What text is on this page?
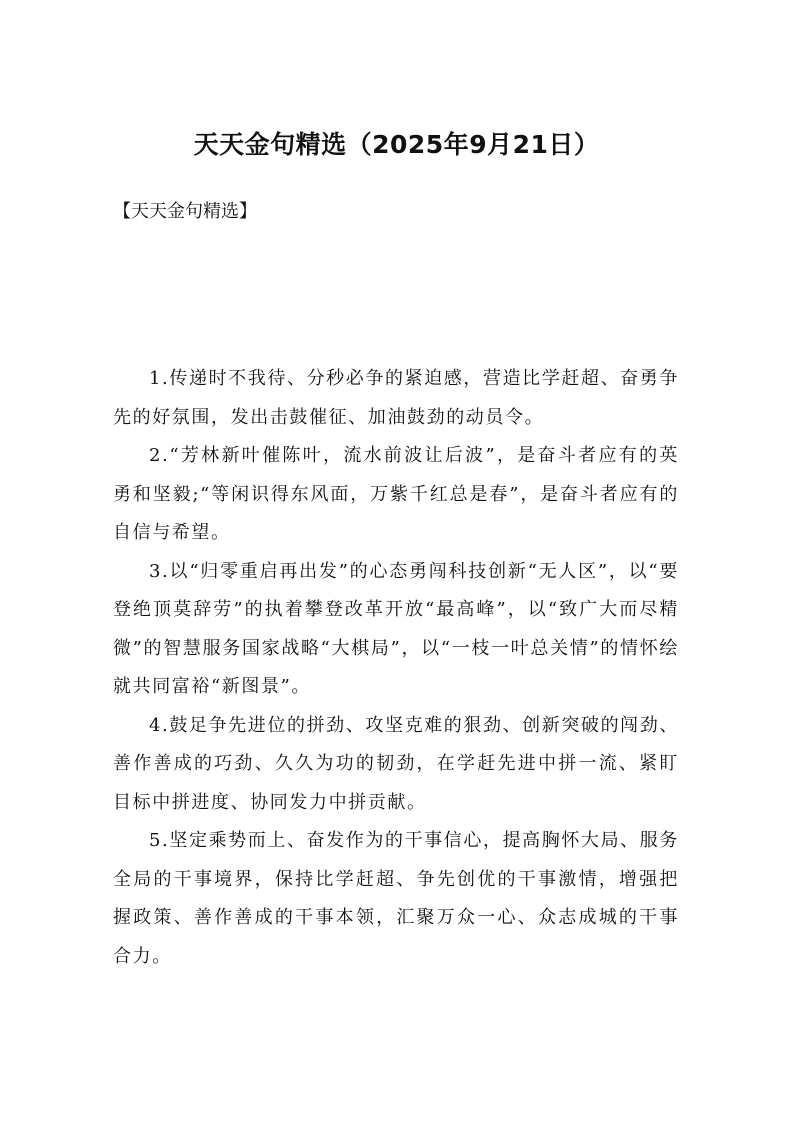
天天金句精选（2025年9月21日）

【天天金句精选】

1.传递时不我待、分秒必争的紧迫感，营造比学赶超、奋勇争先的好氛围，发出击鼓催征、加油鼓劲的动员令。

2.“芳林新叶催陈叶，流水前波让后波”，是奋斗者应有的英勇和坚毅;“等闲识得东风面，万紫千红总是春”，是奋斗者应有的自信与希望。

3.以“归零重启再出发”的心态勇闯科技创新“无人区”，以“要登绝顶莫辞劳”的执着攀登改革开放“最高峰”，以“致广大而尽精微”的智慧服务国家战略“大棋局”，以“一枝一叶总关情”的情怀绘就共同富裕“新图景”。

4.鼓足争先进位的拼劲、攻坚克难的狠劲、创新突破的闯劲、善作善成的巧劲、久久为功的韧劲，在学赶先进中拼一流、紧盯目标中拼进度、协同发力中拼贡献。

5.坚定乘势而上、奋发作为的干事信心，提高胸怀大局、服务全局的干事境界，保持比学赶超、争先创优的干事激情，增强把握政策、善作善成的干事本领，汇聚万众一心、众志成城的干事合力。
